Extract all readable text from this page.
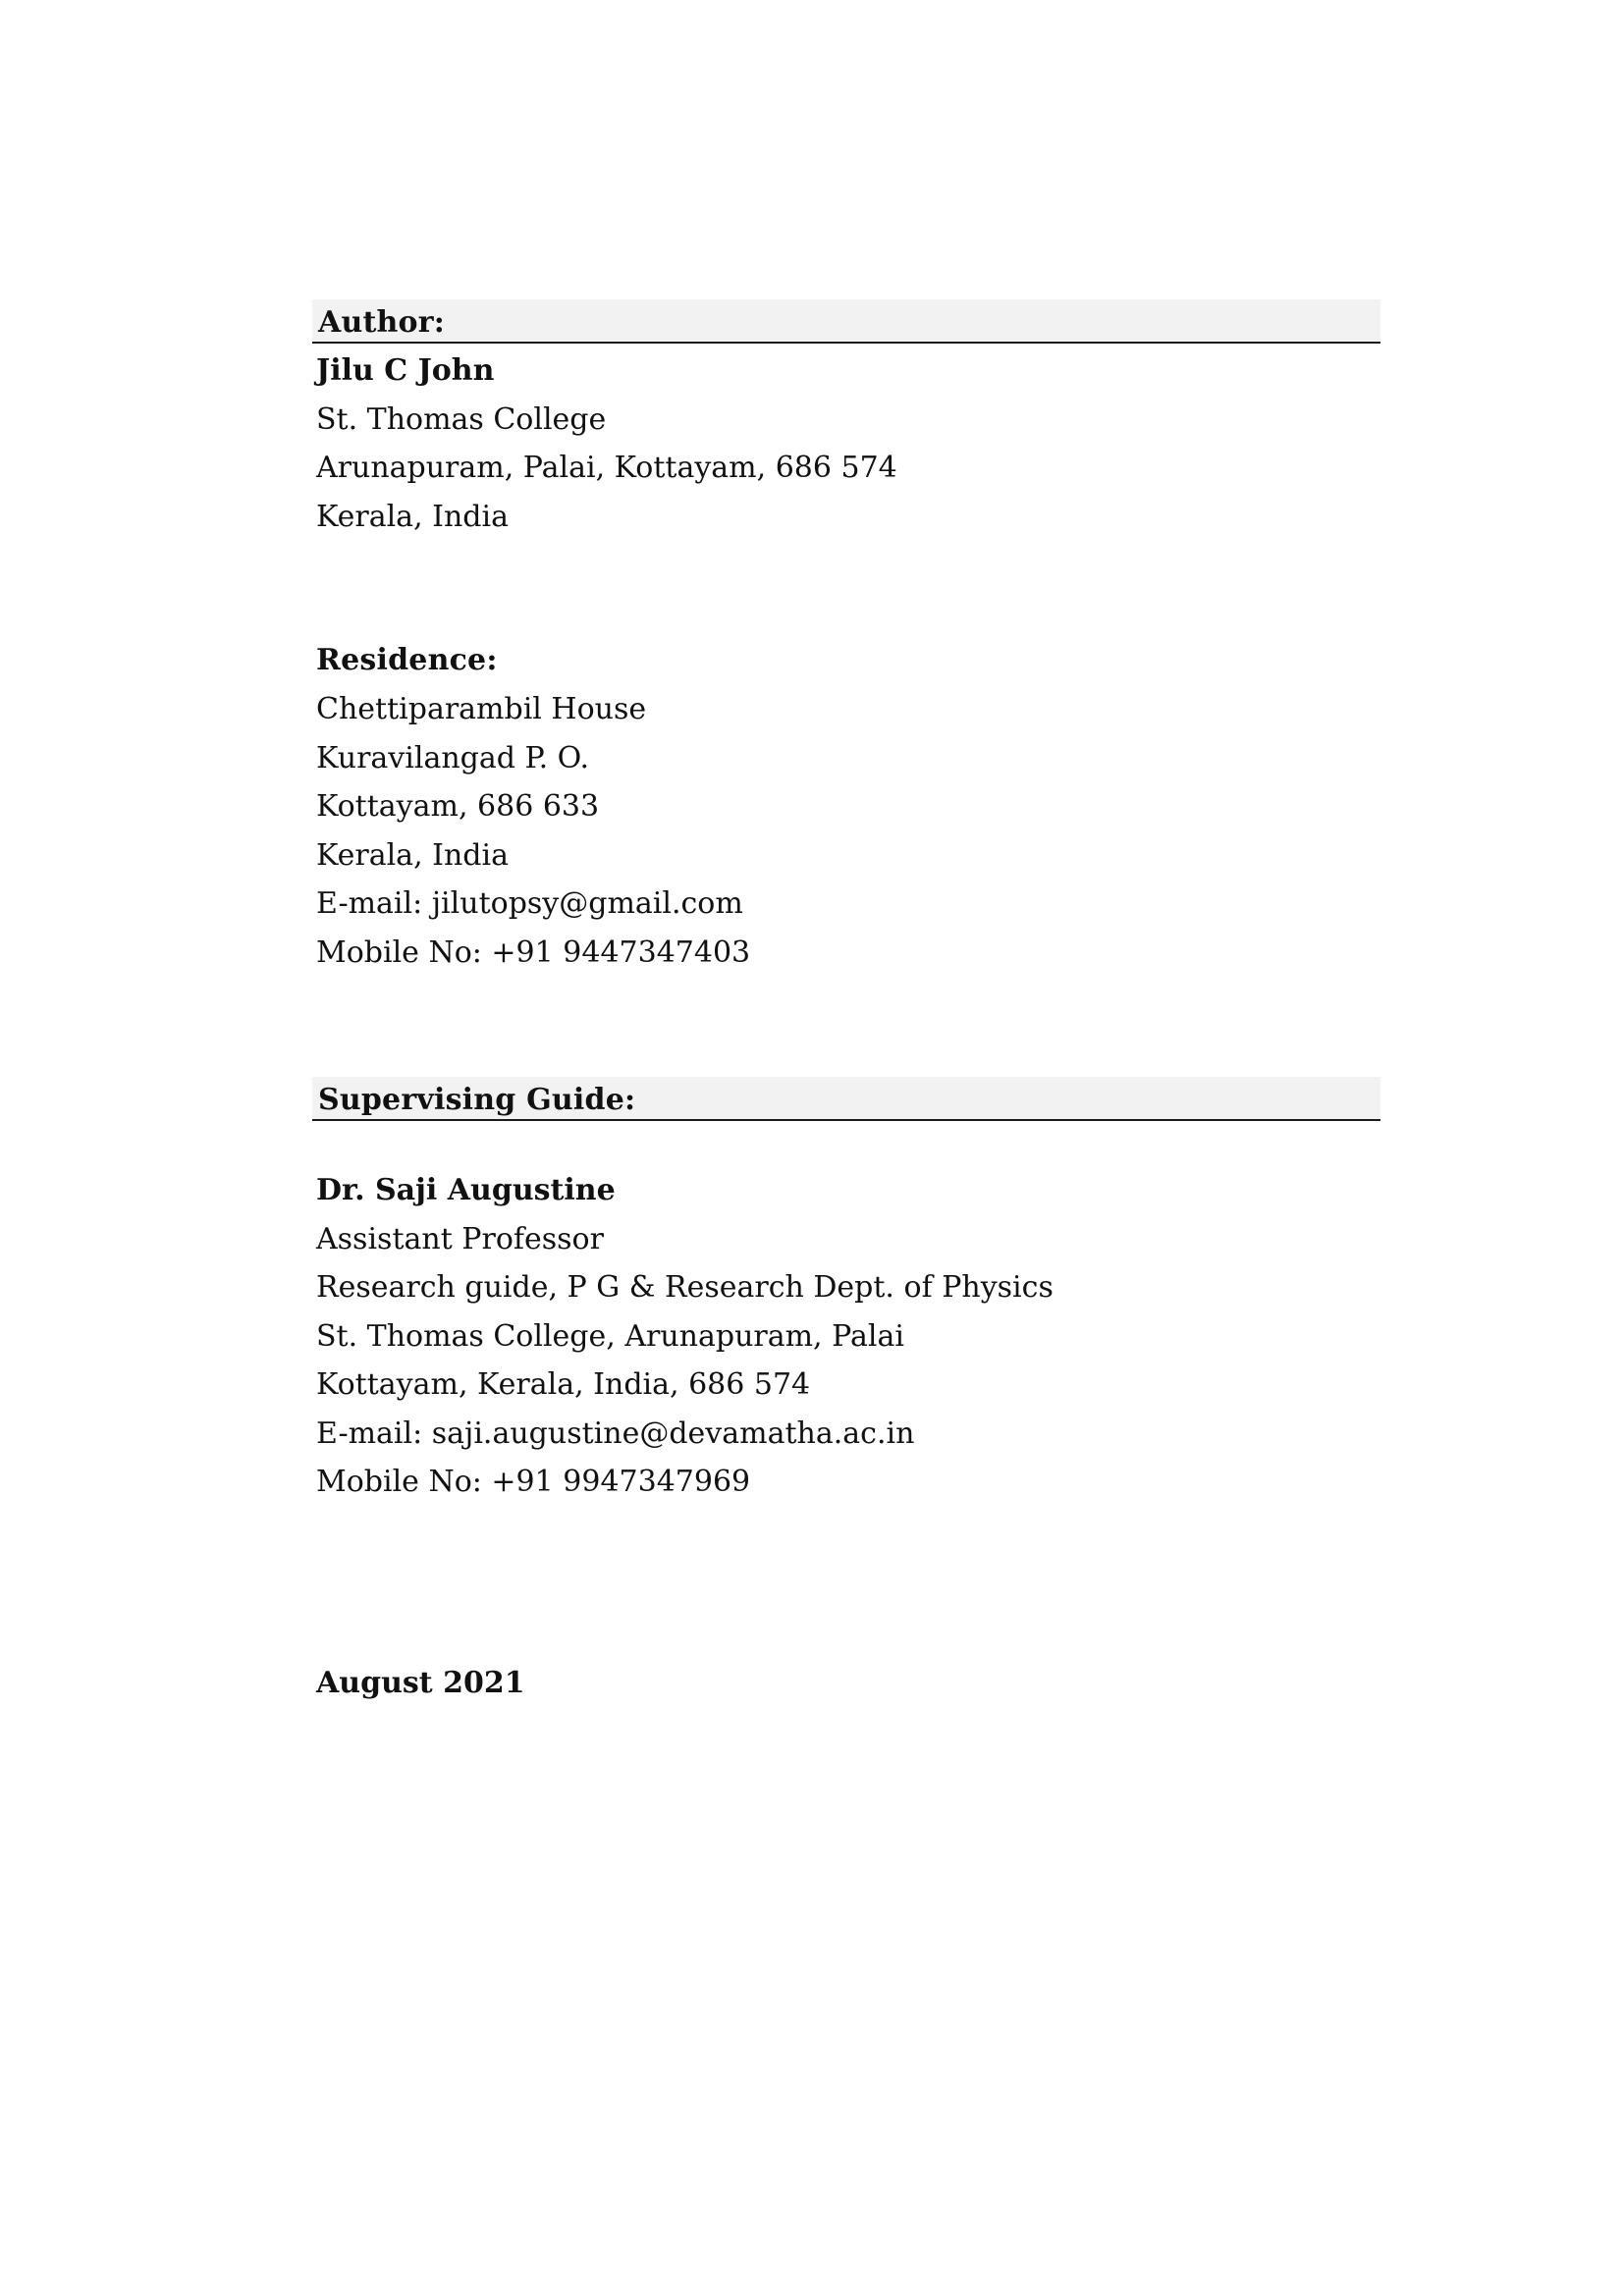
Author:
Jilu C John
St. Thomas College
Arunapuram, Palai, Kottayam, 686 574
Kerala, India
Residence:
Chettiparambil House
Kuravilangad P. O.
Kottayam, 686 633
Kerala, India
E-mail: jilutopsy@gmail.com
Mobile No: +91 9447347403
Supervising Guide:
Dr. Saji Augustine
Assistant Professor
Research guide, P G & Research Dept. of Physics
St. Thomas College, Arunapuram, Palai
Kottayam, Kerala, India, 686 574
E-mail: saji.augustine@devamatha.ac.in
Mobile No: +91 9947347969
August 2021
